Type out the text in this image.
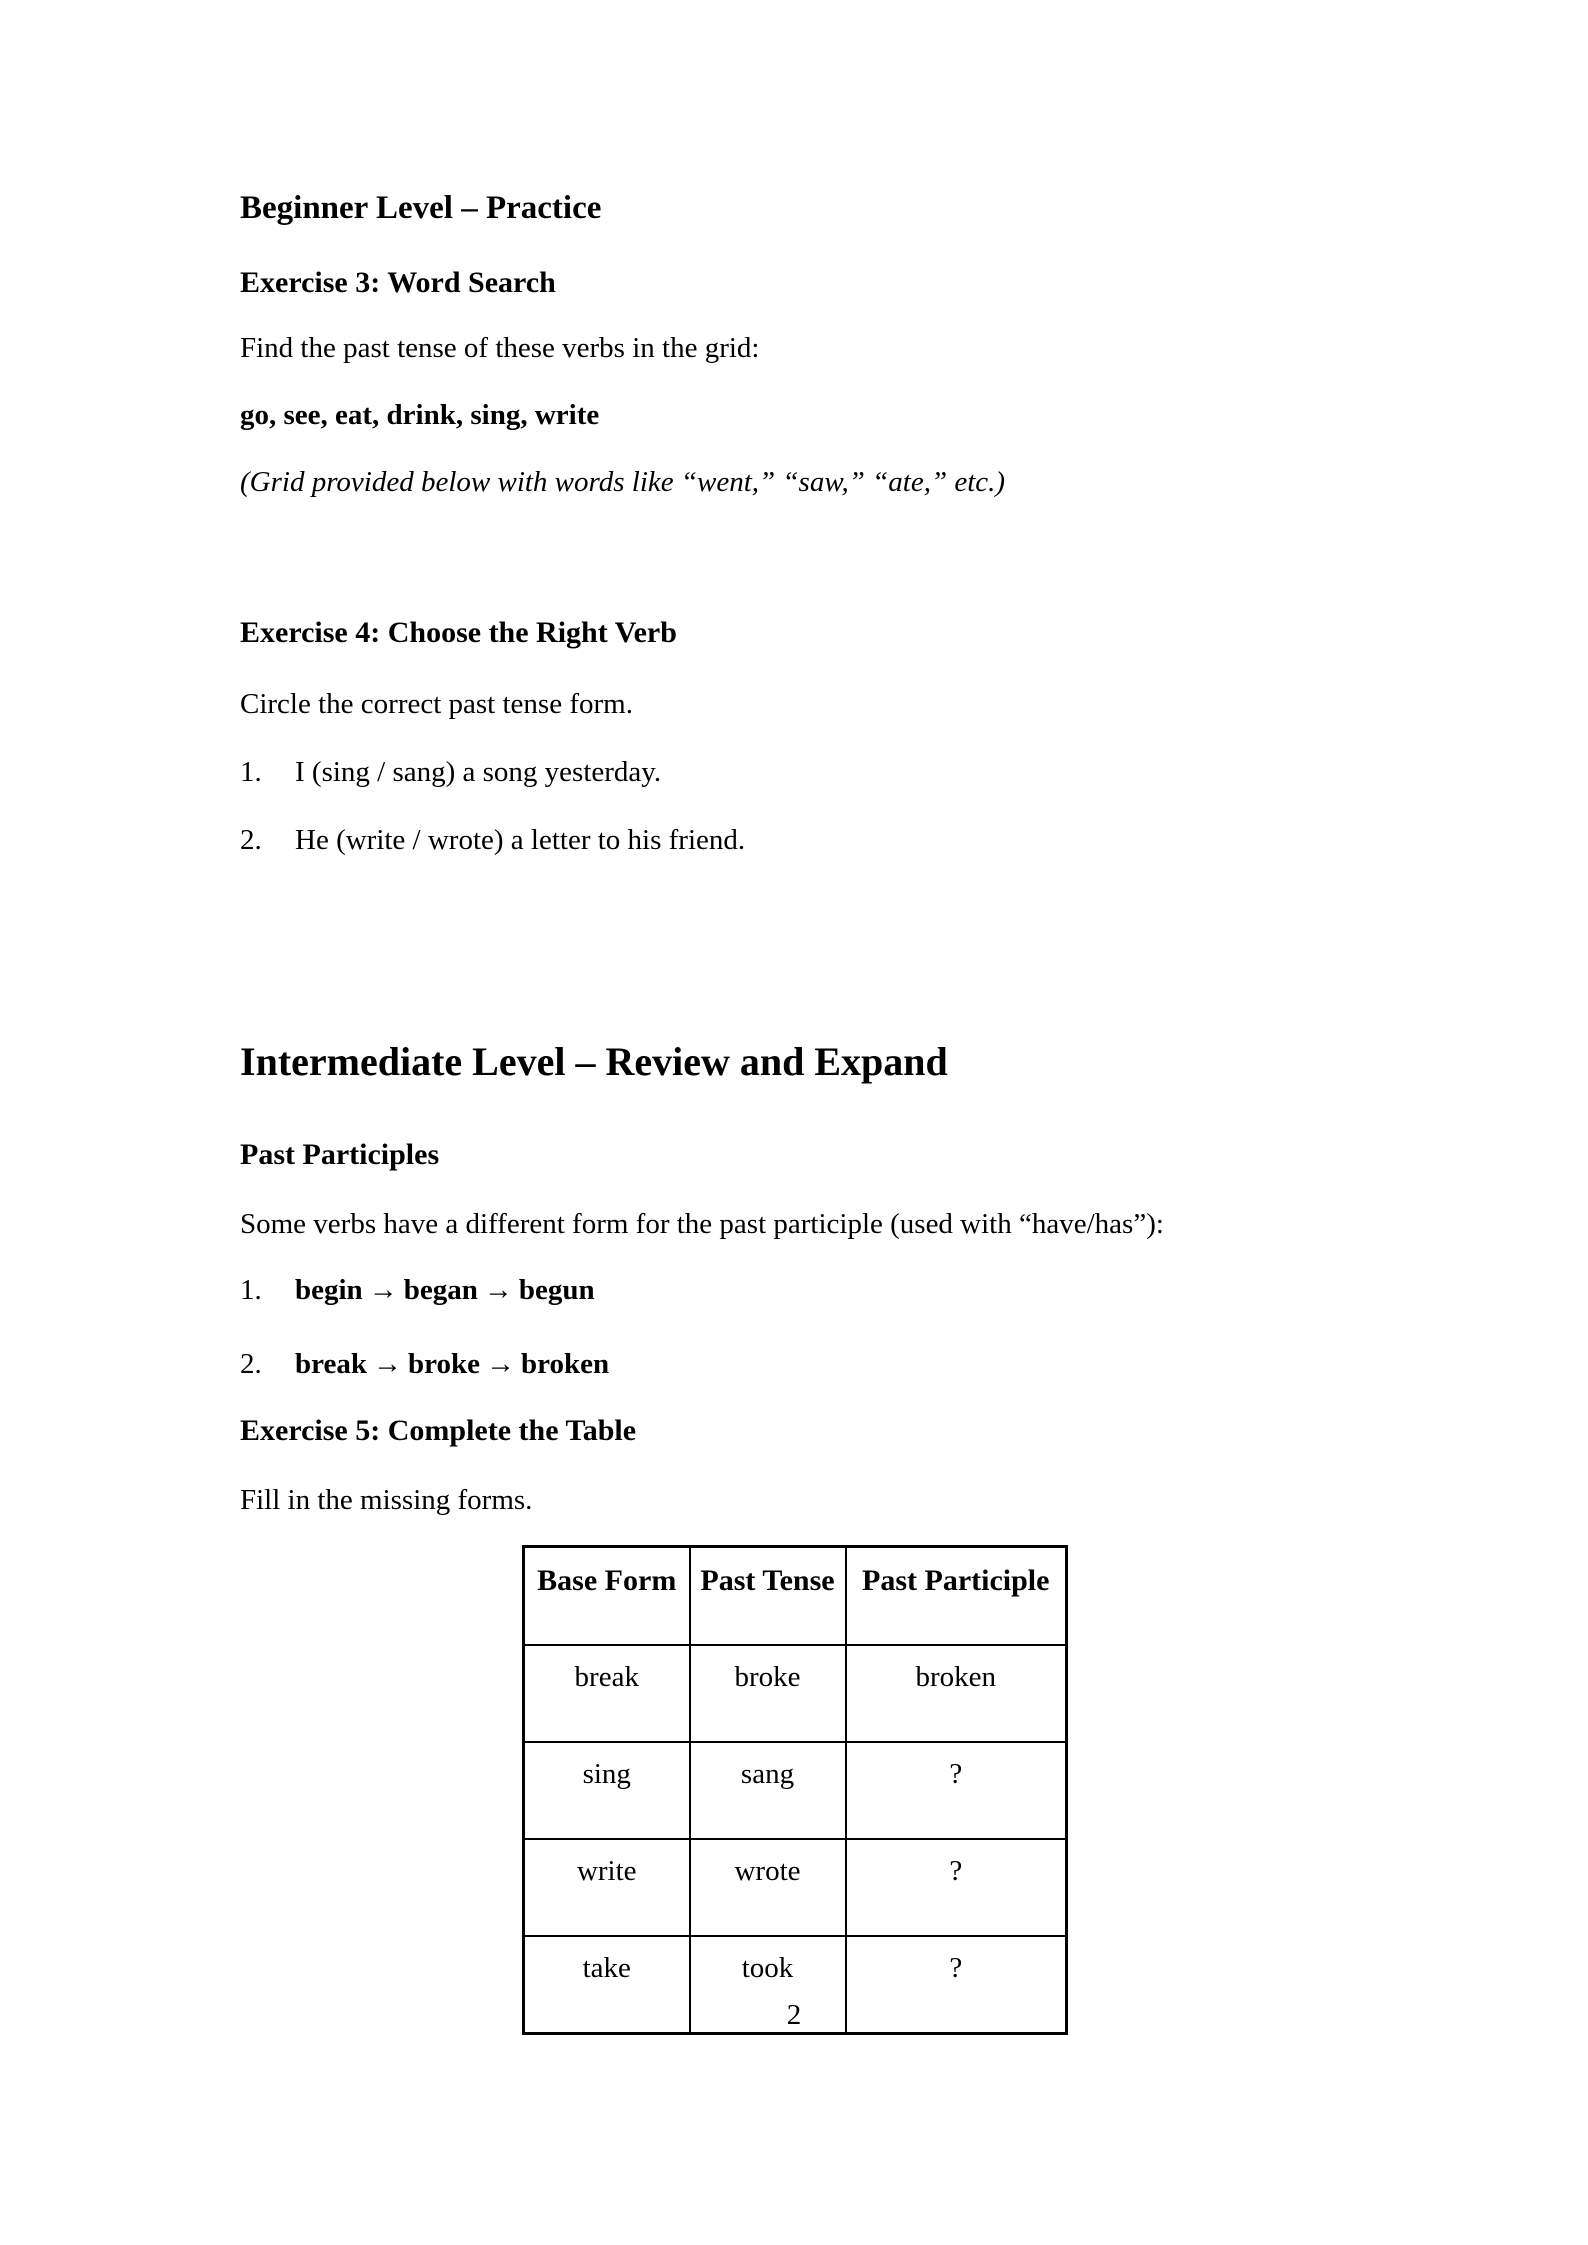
Beginner Level – Practice
Exercise 3: Word Search
Find the past tense of these verbs in the grid:
go, see, eat, drink, sing, write
(Grid provided below with words like “went,” “saw,” “ate,” etc.)
Exercise 4: Choose the Right Verb
Circle the correct past tense form.
1. I (sing / sang) a song yesterday.
2. He (write / wrote) a letter to his friend.
Intermediate Level – Review and Expand
Past Participles
Some verbs have a different form for the past participle (used with “have/has”):
1. begin → began → begun
2. break → broke → broken
Exercise 5: Complete the Table
Fill in the missing forms.
Base Form	Past Tense	Past Participle
break	broke	broken
sing	sang	?
write	wrote	?
take	took	?
2
